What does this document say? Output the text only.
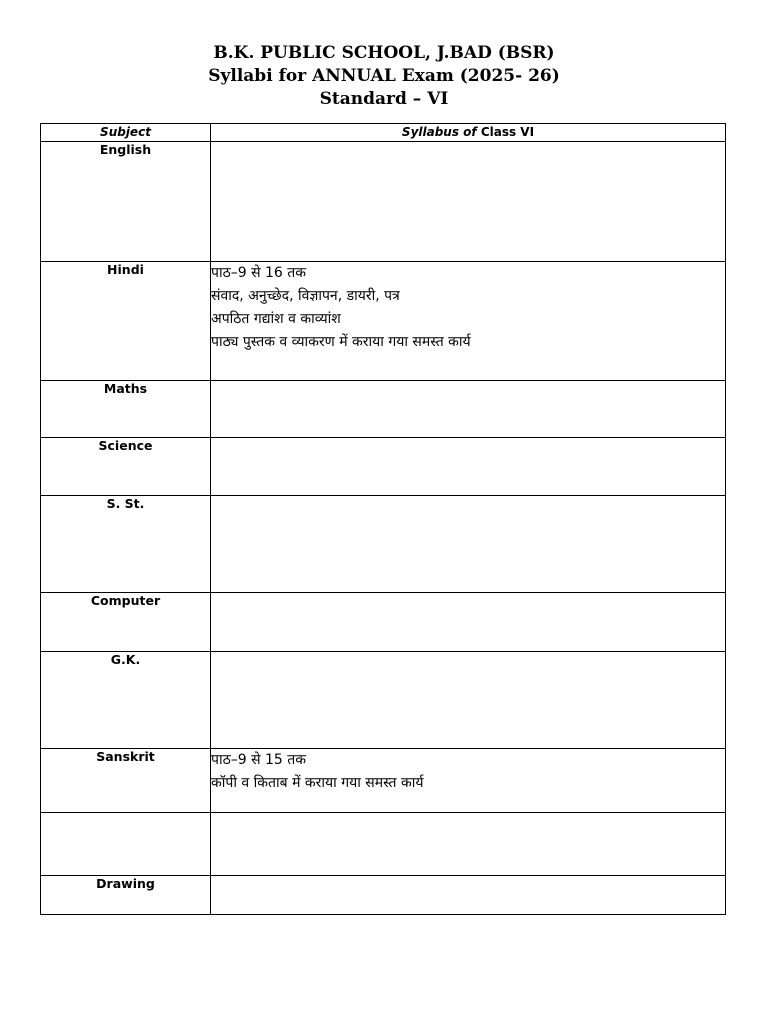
B.K. PUBLIC SCHOOL, J.BAD (BSR)
Syllabi for ANNUAL Exam (2025- 26)
Standard – VI
Subject	Syllabus of Class VI
English	
Hindi	पाठ–9 से 16 तक
संवाद, अनुच्छेद, विज्ञापन, डायरी, पत्र
अपठित गद्यांश व काव्यांश
पाठ्य पुस्तक व व्याकरण में कराया गया समस्त कार्य

Maths	
Science	
S. St.	
Computer	
G.K.	
Sanskrit	पाठ–9 से 15 तक
कॉपी व किताब में कराया गया समस्त कार्य

Drawing	
